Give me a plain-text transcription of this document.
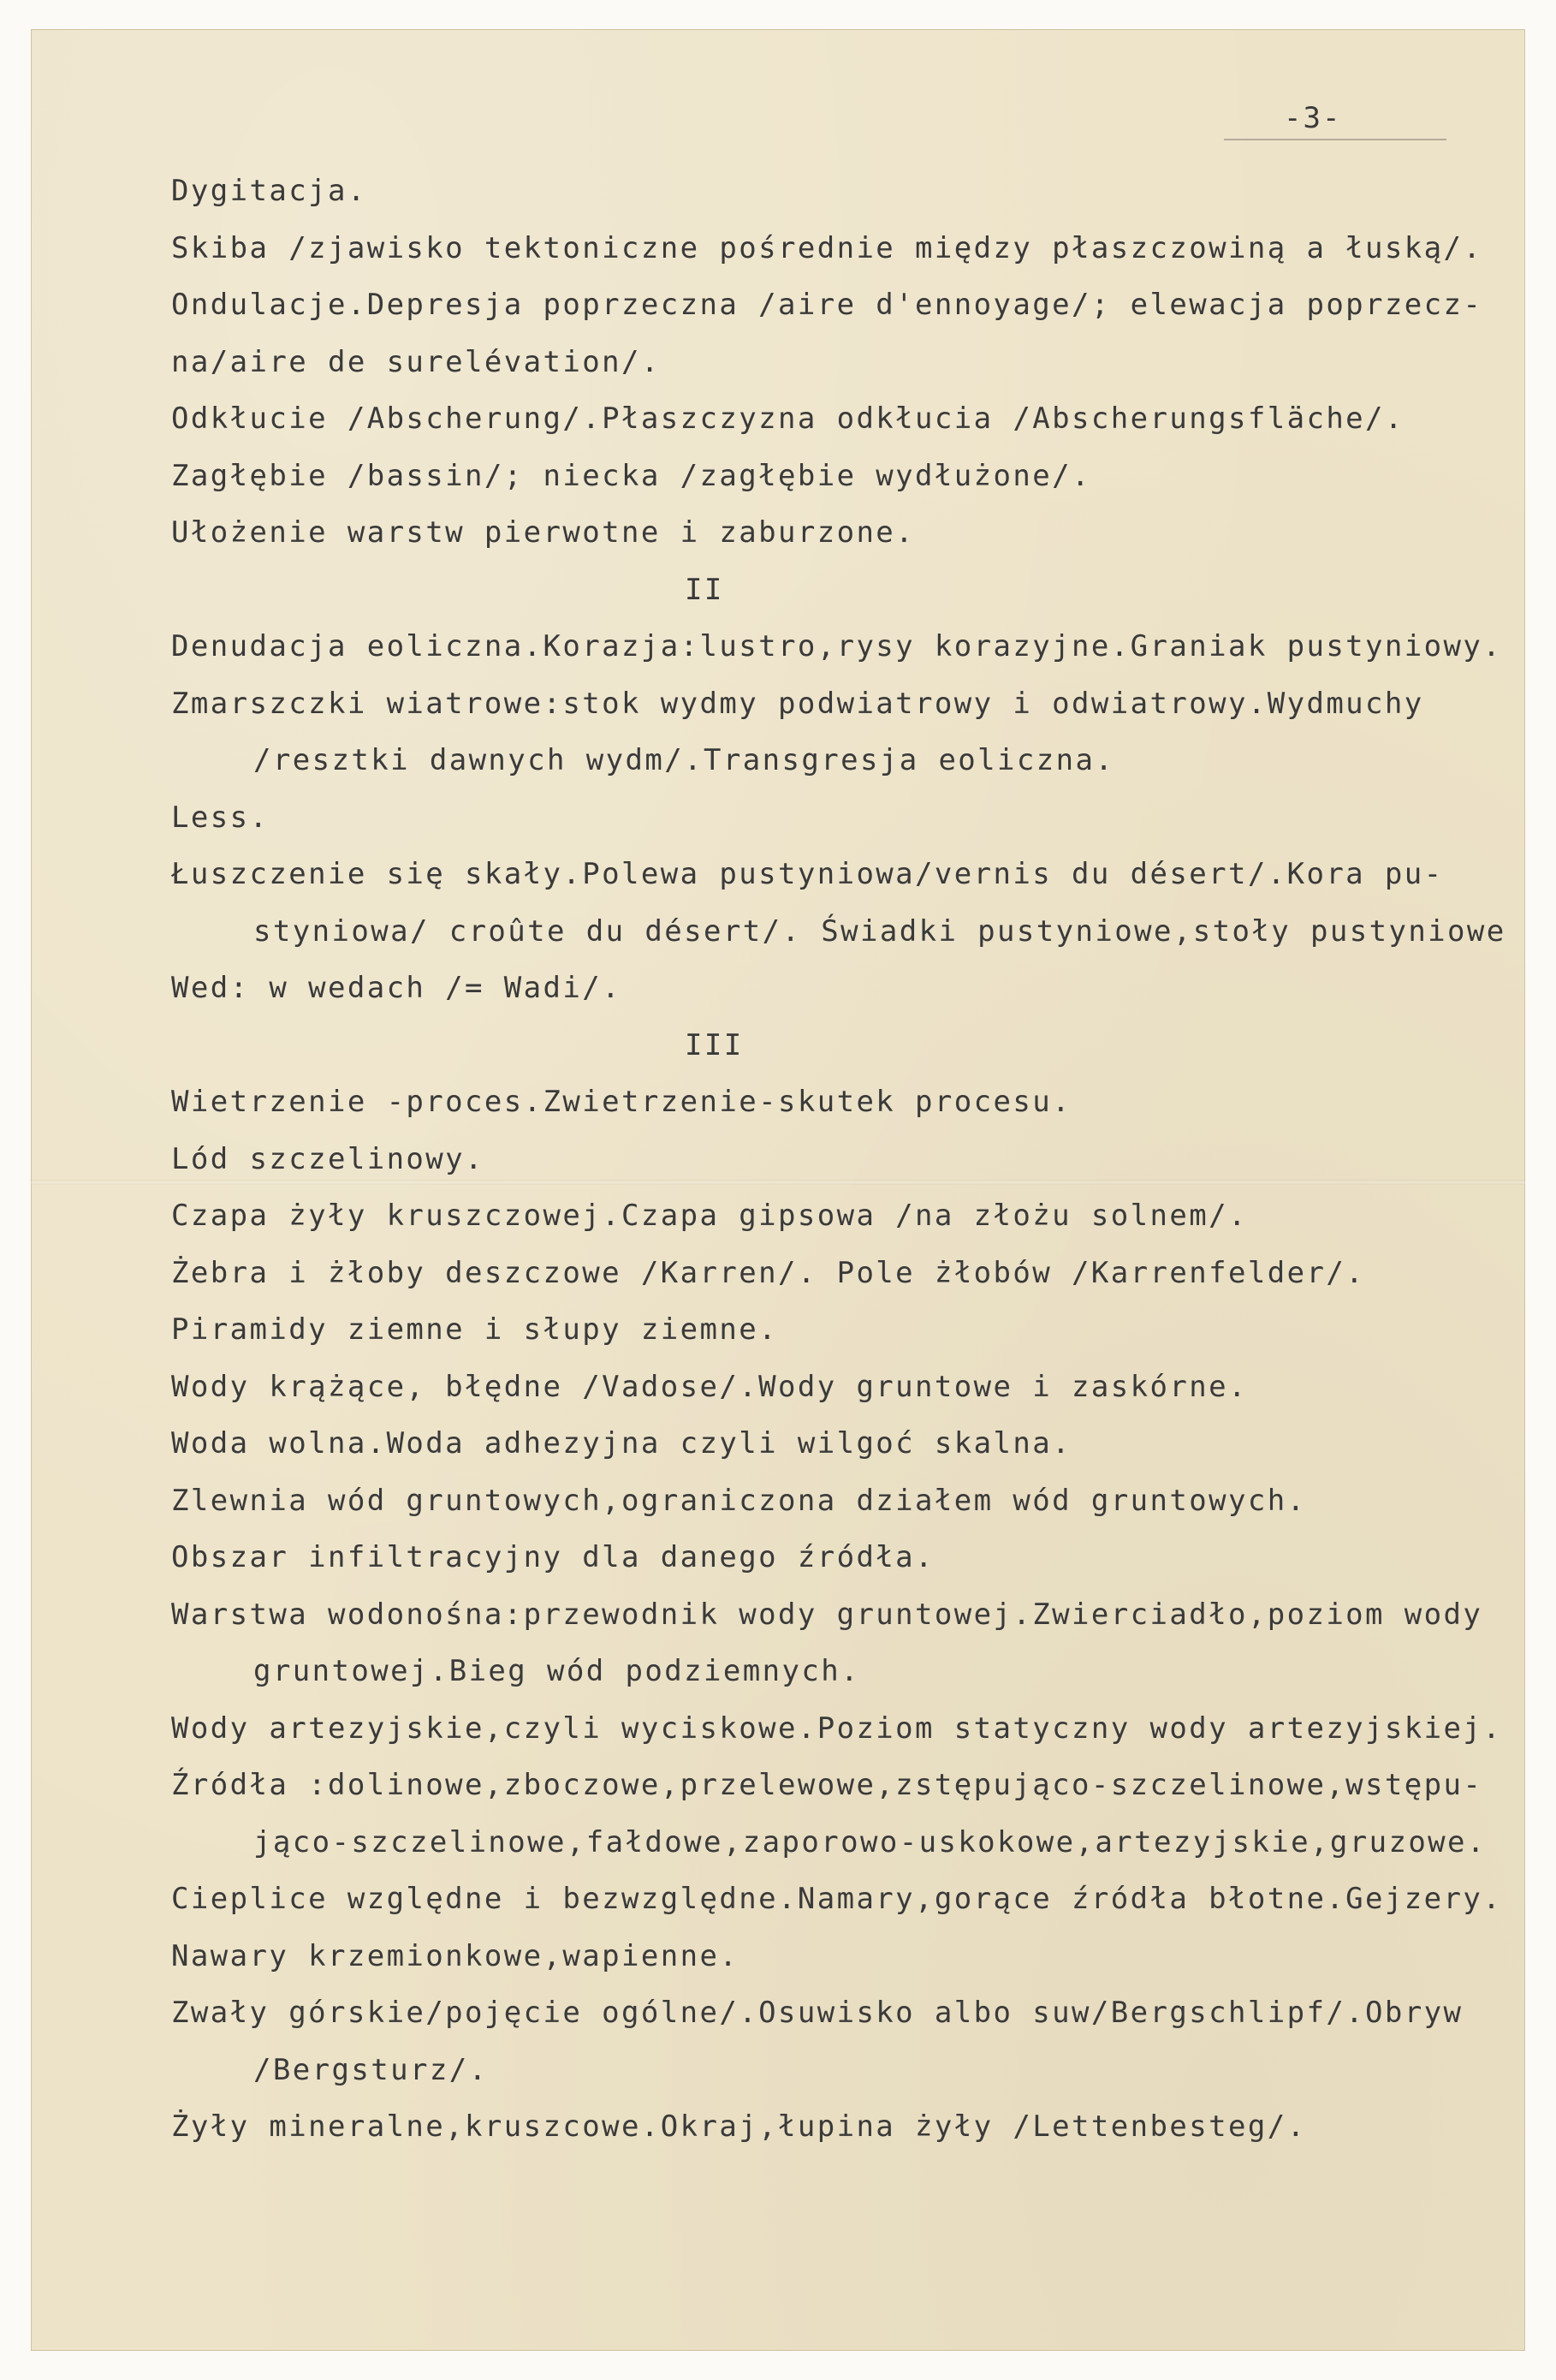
-3-
Dygitacja.
Skiba /zjawisko tektoniczne pośrednie między płaszczowiną a łuską/.
Ondulacje.Depresja poprzeczna /aire d'ennoyage/; elewacja poprzecz-
na/aire de surelévation/.
Odkłucie /Abscherung/.Płaszczyzna odkłucia /Abscherungsfläche/.
Zagłębie /bassin/; niecka /zagłębie wydłużone/.
Ułożenie warstw pierwotne i zaburzone.
II
Denudacja eoliczna.Korazja:lustro,rysy korazyjne.Graniak pustyniowy.
Zmarszczki wiatrowe:stok wydmy podwiatrowy i odwiatrowy.Wydmuchy
/resztki dawnych wydm/.Transgresja eoliczna.
Less.
Łuszczenie się skały.Polewa pustyniowa/vernis du désert/.Kora pu-
styniowa/ croûte du désert/. Świadki pustyniowe,stoły pustyniowe
Wed: w wedach /= Wadi/.
III
Wietrzenie -proces.Zwietrzenie-skutek procesu.
Lód szczelinowy.
Czapa żyły kruszczowej.Czapa gipsowa /na złożu solnem/.
Żebra i żłoby deszczowe /Karren/. Pole żłobów /Karrenfelder/.
Piramidy ziemne i słupy ziemne.
Wody krążące, błędne /Vadose/.Wody gruntowe i zaskórne.
Woda wolna.Woda adhezyjna czyli wilgoć skalna.
Zlewnia wód gruntowych,ograniczona działem wód gruntowych.
Obszar infiltracyjny dla danego źródła.
Warstwa wodonośna:przewodnik wody gruntowej.Zwierciadło,poziom wody
gruntowej.Bieg wód podziemnych.
Wody artezyjskie,czyli wyciskowe.Poziom statyczny wody artezyjskiej.
Źródła :dolinowe,zboczowe,przelewowe,zstępująco-szczelinowe,wstępu-
jąco-szczelinowe,fałdowe,zaporowo-uskokowe,artezyjskie,gruzowe.
Cieplice względne i bezwzględne.Namary,gorące źródła błotne.Gejzery.
Nawary krzemionkowe,wapienne.
Zwały górskie/pojęcie ogólne/.Osuwisko albo suw/Bergschlipf/.Obryw
/Bergsturz/.
Żyły mineralne,kruszcowe.Okraj,łupina żyły /Lettenbesteg/.
